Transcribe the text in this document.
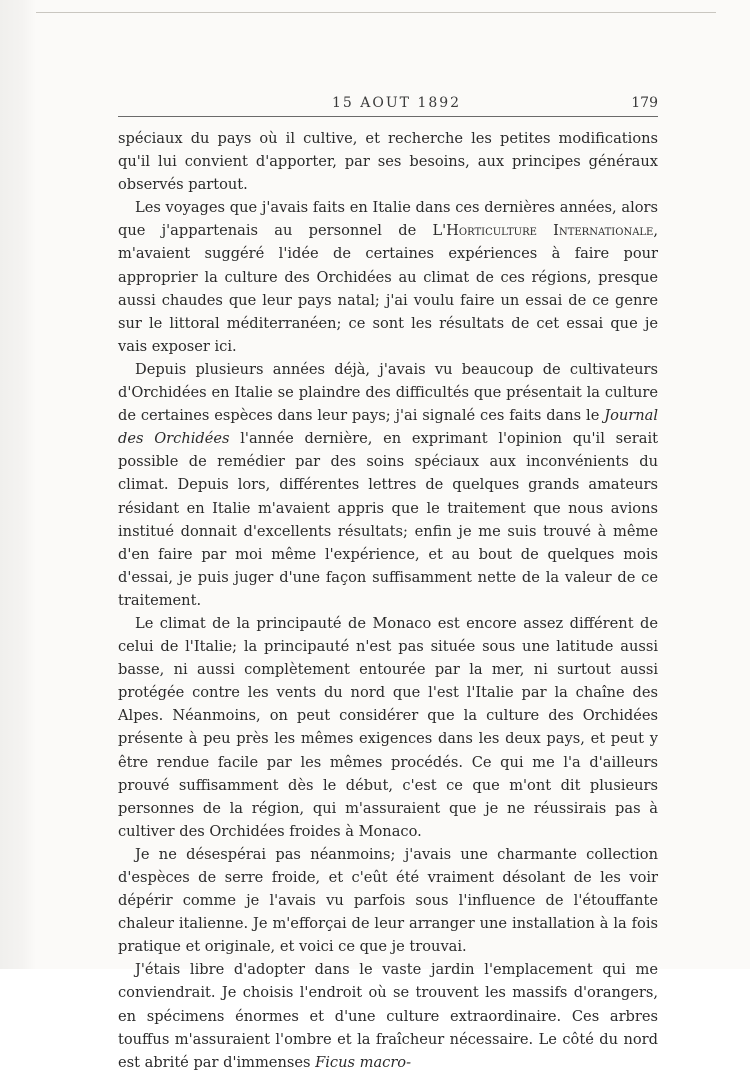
15 AOUT 1892	179

spéciaux du pays où il cultive, et recherche les petites modifications qu'il lui convient d'apporter, par ses besoins, aux principes généraux observés partout.

Les voyages que j'avais faits en Italie dans ces dernières années, alors que j'appartenais au personnel de L'Horticulture Internationale, m'avaient suggéré l'idée de certaines expériences à faire pour approprier la culture des Orchidées au climat de ces régions, presque aussi chaudes que leur pays natal; j'ai voulu faire un essai de ce genre sur le littoral méditerranéen; ce sont les résultats de cet essai que je vais exposer ici.

Depuis plusieurs années déjà, j'avais vu beaucoup de cultivateurs d'Orchidées en Italie se plaindre des difficultés que présentait la culture de certaines espèces dans leur pays; j'ai signalé ces faits dans le Journal des Orchidées l'année dernière, en exprimant l'opinion qu'il serait possible de remédier par des soins spéciaux aux inconvénients du climat. Depuis lors, différentes lettres de quelques grands amateurs résidant en Italie m'avaient appris que le traitement que nous avions institué donnait d'excellents résultats; enfin je me suis trouvé à même d'en faire par moi même l'expérience, et au bout de quelques mois d'essai, je puis juger d'une façon suffisamment nette de la valeur de ce traitement.

Le climat de la principauté de Monaco est encore assez différent de celui de l'Italie; la principauté n'est pas située sous une latitude aussi basse, ni aussi complètement entourée par la mer, ni surtout aussi protégée contre les vents du nord que l'est l'Italie par la chaîne des Alpes. Néanmoins, on peut considérer que la culture des Orchidées présente à peu près les mêmes exigences dans les deux pays, et peut y être rendue facile par les mêmes procédés. Ce qui me l'a d'ailleurs prouvé suffisamment dès le début, c'est ce que m'ont dit plusieurs personnes de la région, qui m'assuraient que je ne réussirais pas à cultiver des Orchidées froides à Monaco.

Je ne désespérai pas néanmoins; j'avais une charmante collection d'espèces de serre froide, et c'eût été vraiment désolant de les voir dépérir comme je l'avais vu parfois sous l'influence de l'étouffante chaleur italienne. Je m'efforçai de leur arranger une installation à la fois pratique et originale, et voici ce que je trouvai.

J'étais libre d'adopter dans le vaste jardin l'emplacement qui me conviendrait. Je choisis l'endroit où se trouvent les massifs d'orangers, en spécimens énormes et d'une culture extraordinaire. Ces arbres touffus m'assuraient l'ombre et la fraîcheur nécessaire. Le côté du nord est abrité par d'immenses Ficus macro-
